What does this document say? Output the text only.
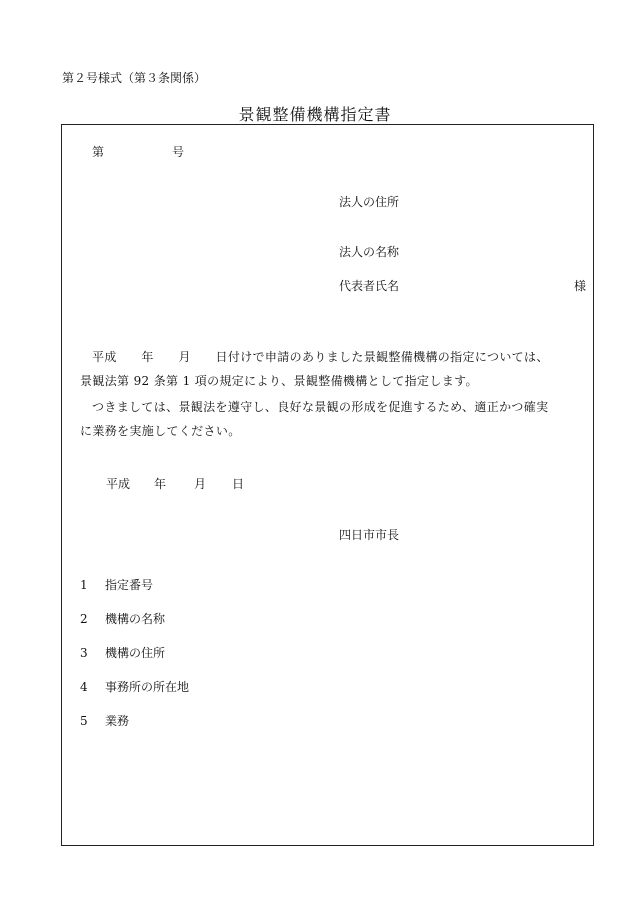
第２号様式（第３条関係）
景観整備機構指定書
第	号
法人の住所
法人の名称
代表者氏名	様
平成　　年　　月　　日付けで申請のありました景観整備機構の指定については、
景観法第 92 条第 1 項の規定により、景観整備機構として指定します。
つきましては、景観法を遵守し、良好な景観の形成を促進するため、適正かつ確実
に業務を実施してください。
平成 年 月 日
四日市市長
1 指定番号
2 機構の名称
3 機構の住所
4 事務所の所在地
5 業務
